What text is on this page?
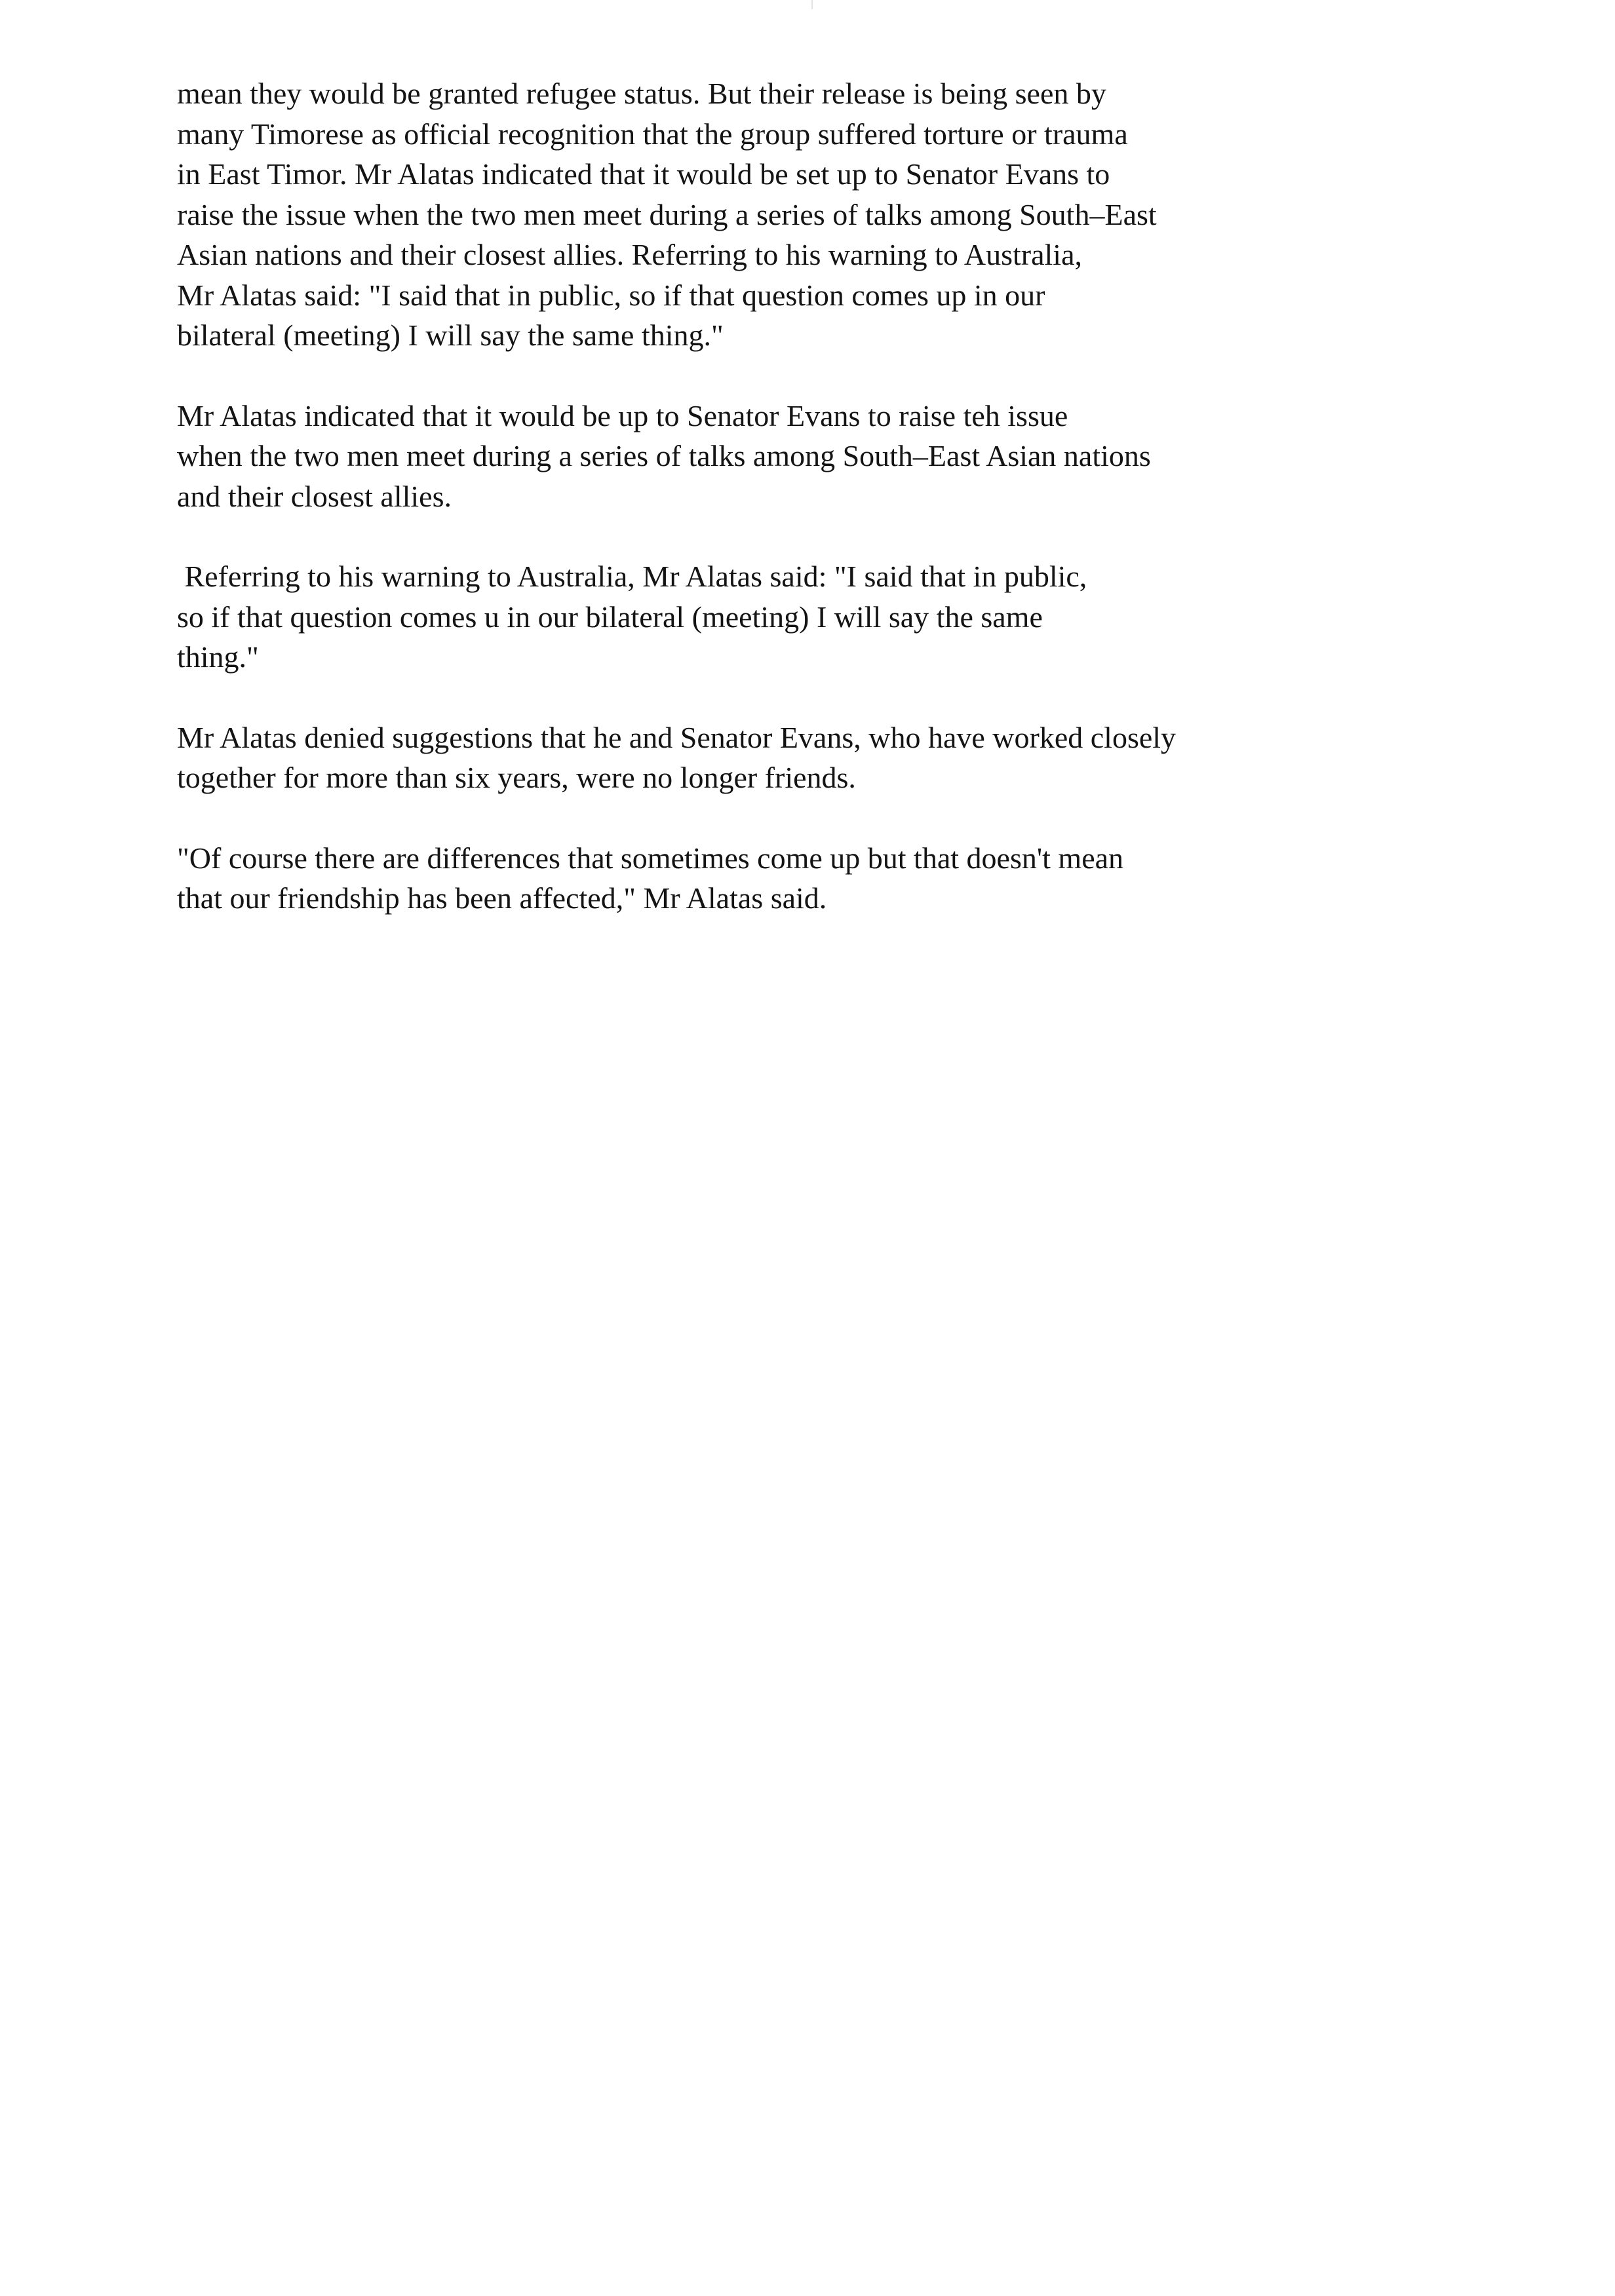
mean they would be granted refugee status. But their release is being seen by
many Timorese as official recognition that the group suffered torture or trauma
in East Timor. Mr Alatas indicated that it would be set up to Senator Evans to
raise the issue when the two men meet during a series of talks among South–East
Asian nations and their closest allies. Referring to his warning to Australia,
Mr Alatas said: "I said that in public, so if that question comes up in our
bilateral (meeting) I will say the same thing."

Mr Alatas indicated that it would be up to Senator Evans to raise teh issue
when the two men meet during a series of talks among South–East Asian nations
and their closest allies.

Referring to his warning to Australia, Mr Alatas said: "I said that in public,
so if that question comes u in our bilateral (meeting) I will say the same
thing."

Mr Alatas denied suggestions that he and Senator Evans, who have worked closely
together for more than six years, were no longer friends.

"Of course there are differences that sometimes come up but that doesn't mean
that our friendship has been affected," Mr Alatas said.
